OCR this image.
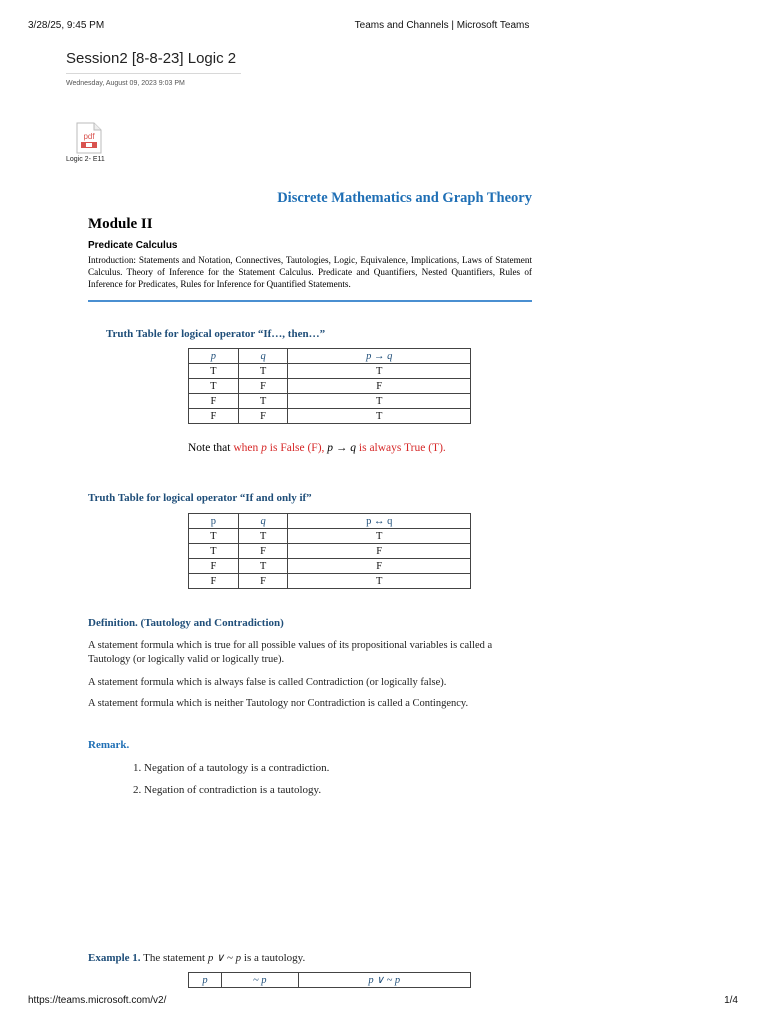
3/28/25, 9:45 PM	Teams and Channels | Microsoft Teams
Session2 [8-8-23] Logic 2
Wednesday, August 09, 2023 9:03 PM
pdf
Logic 2- E11
Discrete Mathematics and Graph Theory
Module II
Predicate Calculus
Introduction: Statements and Notation, Connectives, Tautologies, Logic, Equivalence, Implications, Laws of Statement Calculus. Theory of Inference for the Statement Calculus. Predicate and Quantifiers, Nested Quantifiers, Rules of Inference for Predicates, Rules for Inference for Quantified Statements.
Truth Table for logical operator “If…, then…”
p	q	p → q
T	T	T
T	F	F
F	T	T
F	F	T
Note that when p is False (F), p → q is always True (T).
Truth Table for logical operator “If and only if”
p	q	p ↔ q
T	T	T
T	F	F
F	T	F
F	F	T
Definition. (Tautology and Contradiction)
A statement formula which is true for all possible values of its propositional variables is called a Tautology (or logically valid or logically true).
A statement formula which is always false is called Contradiction (or logically false).
A statement formula which is neither Tautology nor Contradiction is called a Contingency.
Remark.
1. Negation of a tautology is a contradiction.
2. Negation of contradiction is a tautology.
Example 1. The statement p ∨ ~ p is a tautology.
p	~ p	p ∨ ~ p
https://teams.microsoft.com/v2/	1/4
